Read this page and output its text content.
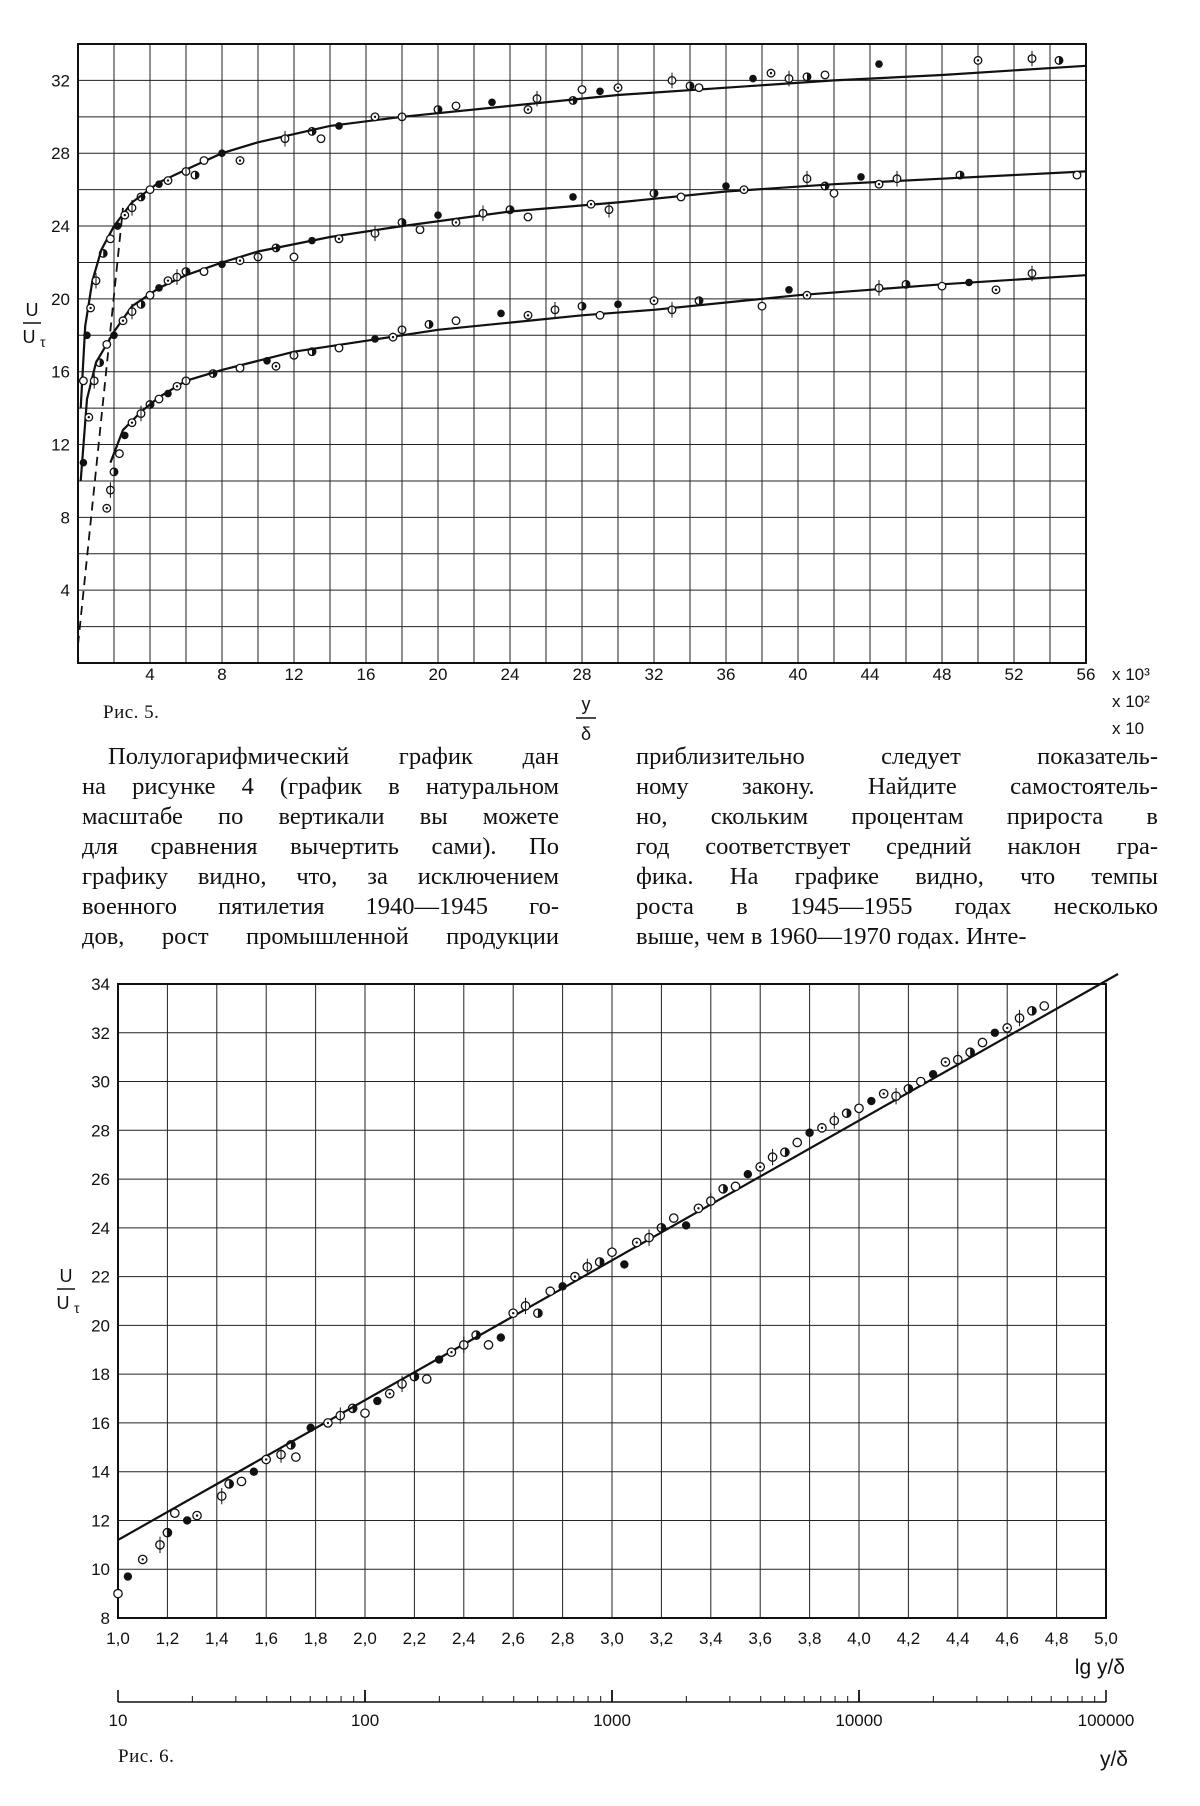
Рис. 5.
4
8
12
16
20
24
28
32
4	8	12	16	20	24	28	32	36	40	44	48	52	56 x 10³
x 10²
x 10
U
U τ
y
δ
Полулогарифмический график дан
на рисунке 4 (график в натуральном
масштабе по вертикали вы можете
для сравнения вычертить сами). По
графику видно, что, за исключением
военного пятилетия 1940—1945 го-
дов, рост промышленной продукции
приблизительно следует показатель-
ному закону. Найдите самостоятель-
но, скольким процентам прироста в
год соответствует средний наклон гра-
фика. На графике видно, что темпы
роста в 1945—1955 годах несколько
выше, чем в 1960—1970 годах. Инте-
8
10
12
14
16
18
20
22
24
26
28
30
32
34
1,0 1,2 1,4 1,6 1,8 2,0 2,2 2,4 2,6 2,8 3,0 3,2 3,4 3,6 3,8 4,0 4,2 4,4 4,6 4,8 5,0
lg y/δ
U
U τ
10	100	1000	10000	100000
y/δ
Рис. 6.
